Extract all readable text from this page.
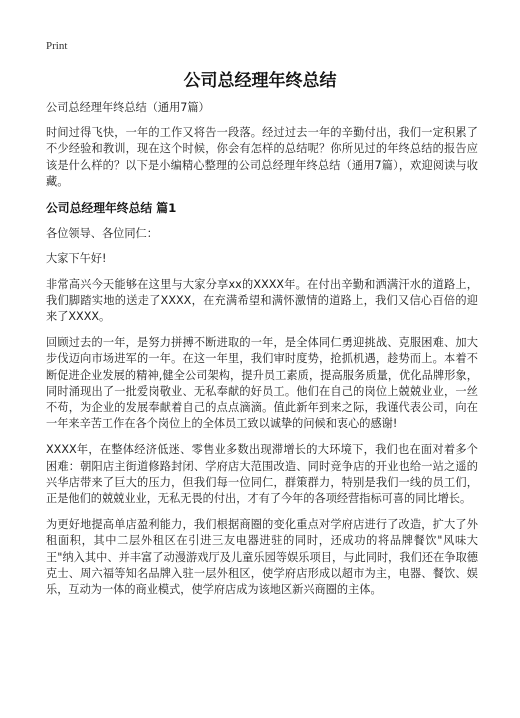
Print
公司总经理年终总结

公司总经理年终总结（通用7篇）

时间过得飞快，一年的工作又将告一段落。经过过去一年的辛勤付出，我们一定积累了不少经验和教训，现在这个时候，你会有怎样的总结呢？你所见过的年终总结的报告应该是什么样的？以下是小编精心整理的公司总经理年终总结（通用7篇），欢迎阅读与收藏。

公司总经理年终总结 篇1

各位领导、各位同仁：

大家下午好!

非常高兴今天能够在这里与大家分享xx的XXXX年。在付出辛勤和洒满汗水的道路上，我们脚踏实地的送走了XXXX，在充满希望和满怀激情的道路上，我们又信心百倍的迎来了XXXX。

回顾过去的一年，是努力拼搏不断进取的一年，是全体同仁勇迎挑战、克服困难、加大步伐迈向市场进军的一年。在这一年里，我们审时度势，抢抓机遇，趁势而上。本着不断促进企业发展的精神,健全公司架构，提升员工素质，提高服务质量，优化品牌形象，同时涌现出了一批爱岗敬业、无私奉献的好员工。他们在自己的岗位上兢兢业业，一丝不苟，为企业的发展奉献着自己的点点滴滴。值此新年到来之际，我谨代表公司，向在一年来辛苦工作在各个岗位上的全体员工致以诚挚的问候和衷心的感谢!

XXXX年，在整体经济低迷、零售业多数出现滞增长的大环境下，我们也在面对着多个困难：朝阳店主街道修路封闭、学府店大范围改造、同时竞争店的开业也给一站之遥的兴华店带来了巨大的压力，但我们每一位同仁，群策群力，特别是我们一线的员工们，正是他们的兢兢业业，无私无畏的付出，才有了今年的各项经营指标可喜的同比增长。

为更好地提高单店盈利能力，我们根据商圈的变化重点对学府店进行了改造，扩大了外租面积，其中二层外租区在引进三友电器进驻的同时，还成功的将品牌餐饮"风味大王"纳入其中、并丰富了动漫游戏厅及儿童乐园等娱乐项目，与此同时，我们还在争取德克士、周六福等知名品牌入驻一层外租区，使学府店形成以超市为主，电器、餐饮、娱乐，互动为一体的商业模式，使学府店成为该地区新兴商圈的主体。
